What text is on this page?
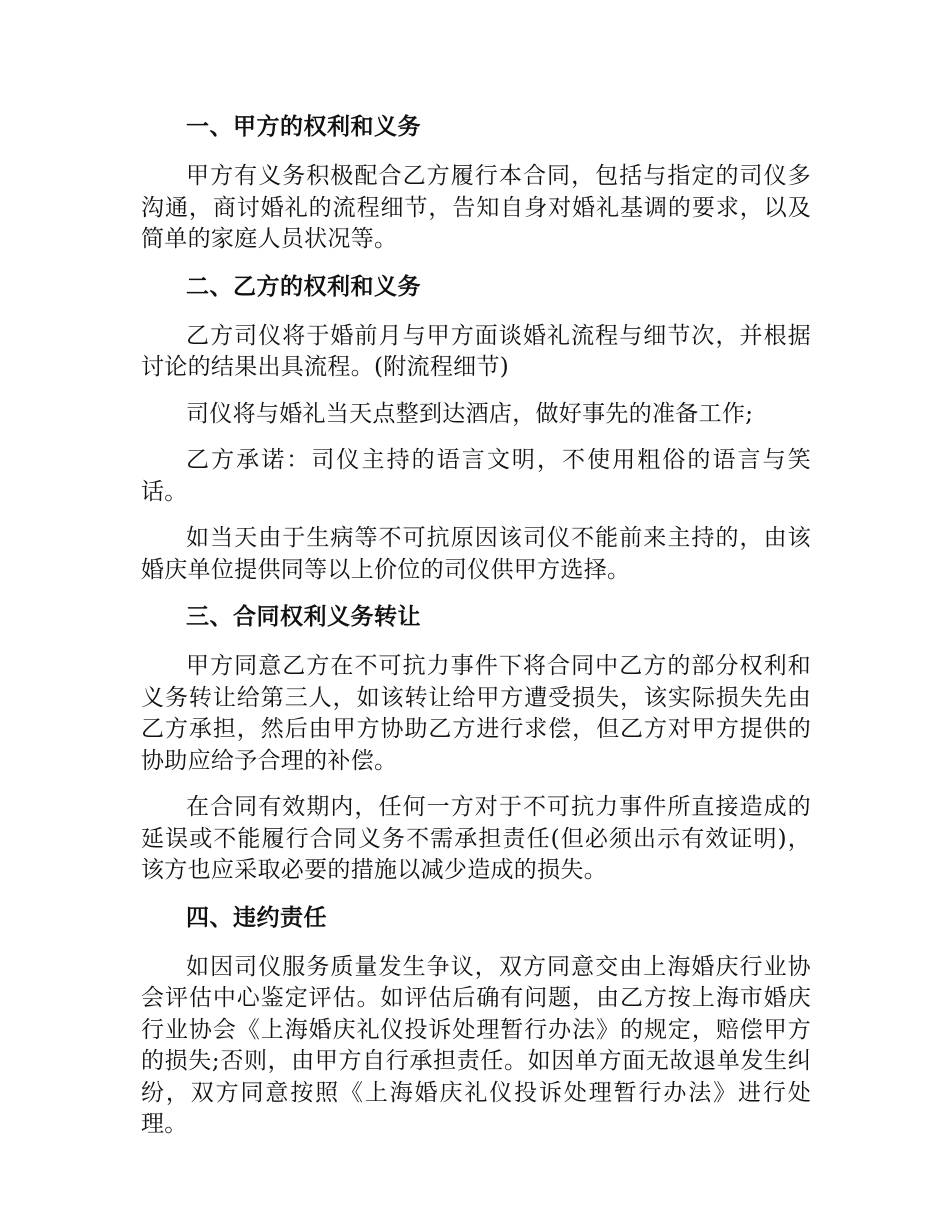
一、甲方的权利和义务

甲方有义务积极配合乙方履行本合同，包括与指定的司仪多沟通，商讨婚礼的流程细节，告知自身对婚礼基调的要求，以及简单的家庭人员状况等。

二、乙方的权利和义务

乙方司仪将于婚前月与甲方面谈婚礼流程与细节次，并根据讨论的结果出具流程。(附流程细节)

司仪将与婚礼当天点整到达酒店，做好事先的准备工作;

乙方承诺：司仪主持的语言文明，不使用粗俗的语言与笑话。

如当天由于生病等不可抗原因该司仪不能前来主持的，由该婚庆单位提供同等以上价位的司仪供甲方选择。

三、合同权利义务转让

甲方同意乙方在不可抗力事件下将合同中乙方的部分权利和义务转让给第三人，如该转让给甲方遭受损失，该实际损失先由乙方承担，然后由甲方协助乙方进行求偿，但乙方对甲方提供的协助应给予合理的补偿。

在合同有效期内，任何一方对于不可抗力事件所直接造成的延误或不能履行合同义务不需承担责任(但必须出示有效证明)，该方也应采取必要的措施以减少造成的损失。

四、违约责任

如因司仪服务质量发生争议，双方同意交由上海婚庆行业协会评估中心鉴定评估。如评估后确有问题，由乙方按上海市婚庆行业协会《上海婚庆礼仪投诉处理暂行办法》的规定，赔偿甲方的损失;否则，由甲方自行承担责任。如因单方面无故退单发生纠纷，双方同意按照《上海婚庆礼仪投诉处理暂行办法》进行处理。
